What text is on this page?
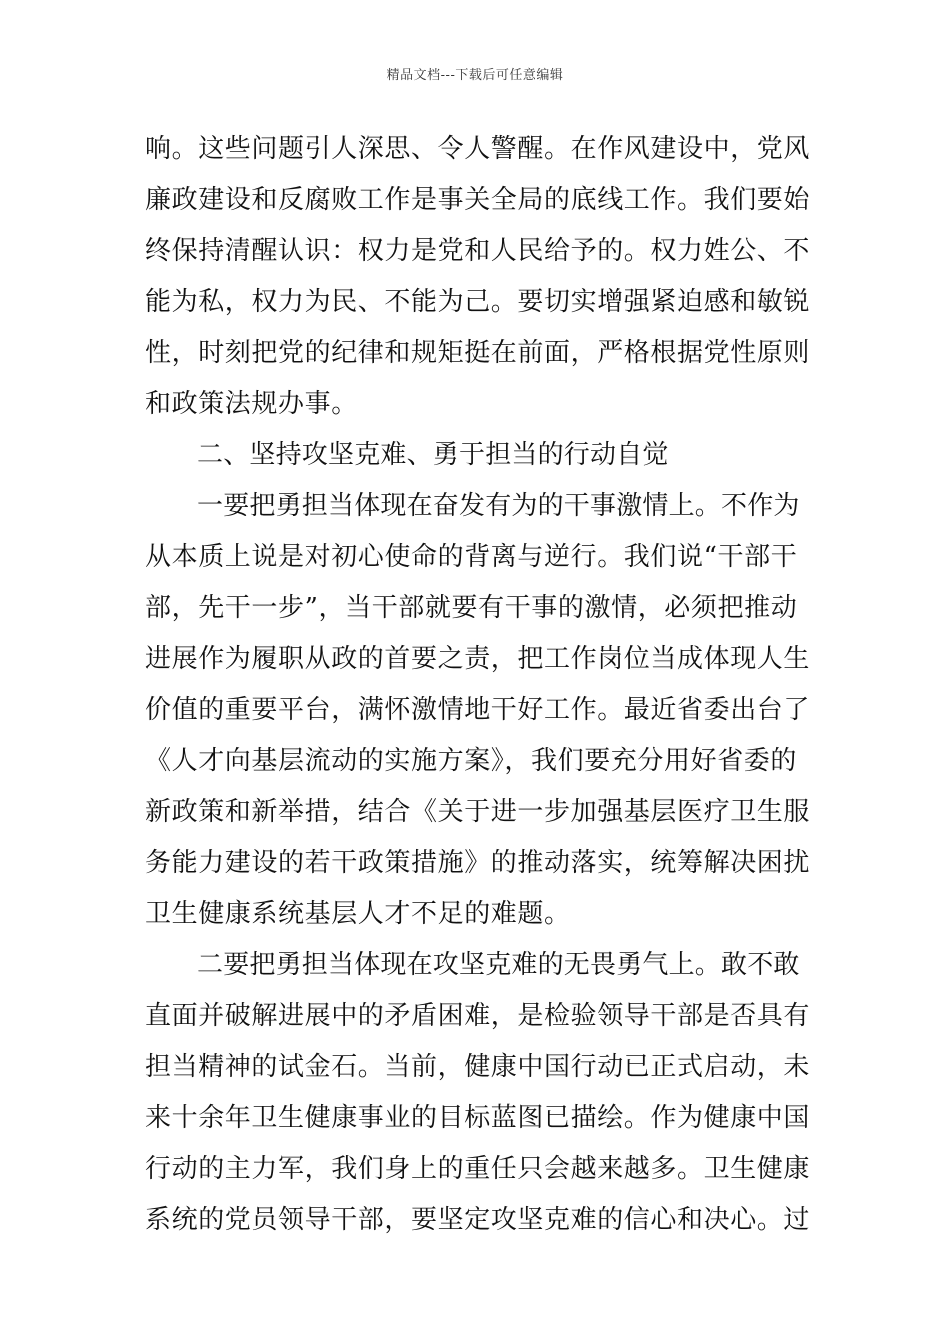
精品文档---下载后可任意编辑

响。这些问题引人深思、令人警醒。在作风建设中，党风
廉政建设和反腐败工作是事关全局的底线工作。我们要始
终保持清醒认识：权力是党和人民给予的。权力姓公、不
能为私，权力为民、不能为己。要切实增强紧迫感和敏锐
性，时刻把党的纪律和规矩挺在前面，严格根据党性原则
和政策法规办事。

二、坚持攻坚克难、勇于担当的行动自觉

一要把勇担当体现在奋发有为的干事激情上。不作为
从本质上说是对初心使命的背离与逆行。我们说“干部干
部，先干一步”，当干部就要有干事的激情，必须把推动
进展作为履职从政的首要之责，把工作岗位当成体现人生
价值的重要平台，满怀激情地干好工作。最近省委出台了
《人才向基层流动的实施方案》，我们要充分用好省委的
新政策和新举措，结合《关于进一步加强基层医疗卫生服
务能力建设的若干政策措施》的推动落实，统筹解决困扰
卫生健康系统基层人才不足的难题。

二要把勇担当体现在攻坚克难的无畏勇气上。敢不敢
直面并破解进展中的矛盾困难，是检验领导干部是否具有
担当精神的试金石。当前，健康中国行动已正式启动，未
来十余年卫生健康事业的目标蓝图已描绘。作为健康中国
行动的主力军，我们身上的重任只会越来越多。卫生健康
系统的党员领导干部，要坚定攻坚克难的信心和决心。过
